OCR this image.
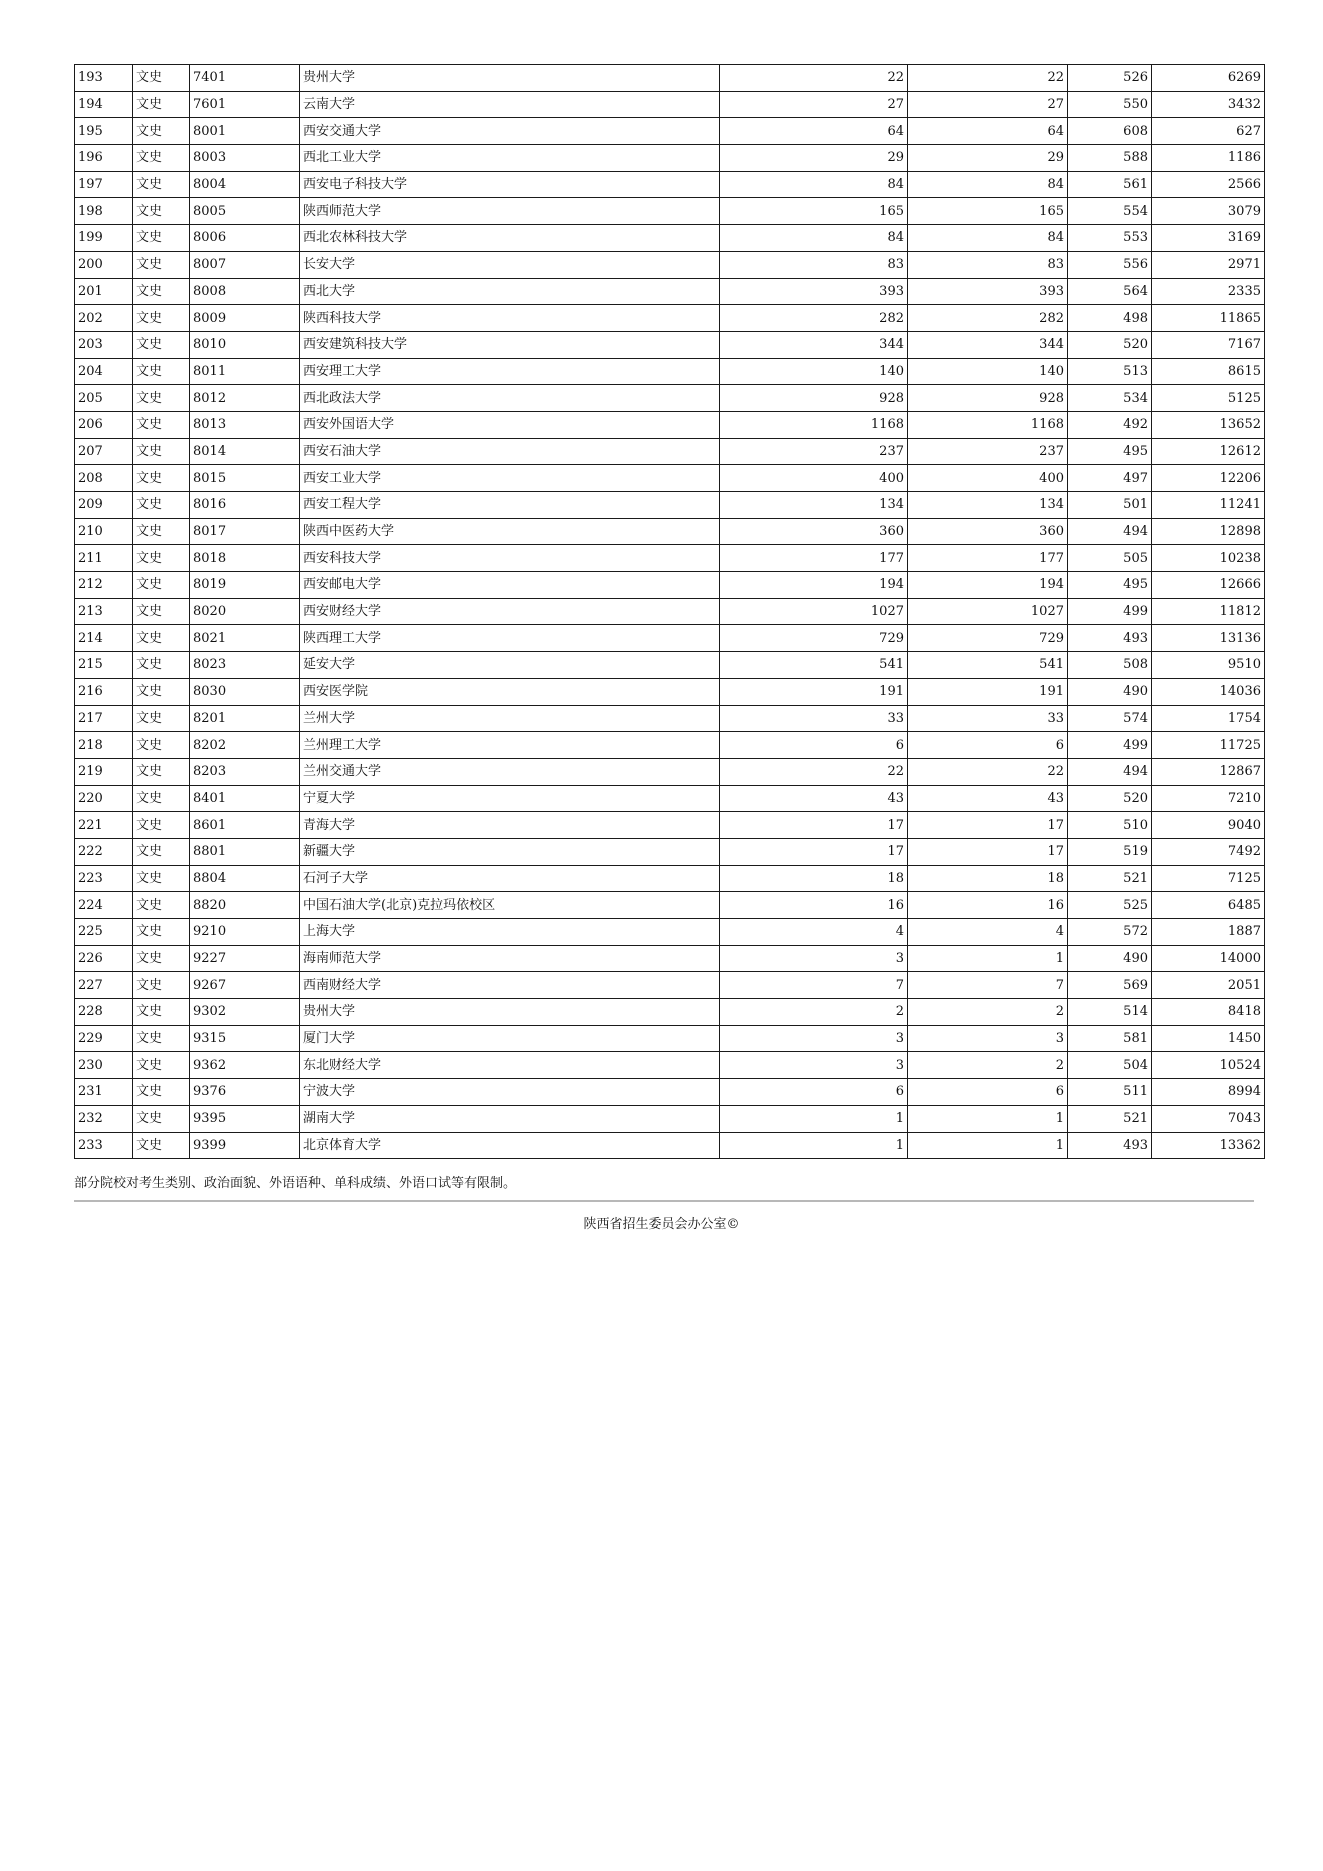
193	文史	7401	贵州大学	22	22	526	6269
194	文史	7601	云南大学	27	27	550	3432
195	文史	8001	西安交通大学	64	64	608	627
196	文史	8003	西北工业大学	29	29	588	1186
197	文史	8004	西安电子科技大学	84	84	561	2566
198	文史	8005	陕西师范大学	165	165	554	3079
199	文史	8006	西北农林科技大学	84	84	553	3169
200	文史	8007	长安大学	83	83	556	2971
201	文史	8008	西北大学	393	393	564	2335
202	文史	8009	陕西科技大学	282	282	498	11865
203	文史	8010	西安建筑科技大学	344	344	520	7167
204	文史	8011	西安理工大学	140	140	513	8615
205	文史	8012	西北政法大学	928	928	534	5125
206	文史	8013	西安外国语大学	1168	1168	492	13652
207	文史	8014	西安石油大学	237	237	495	12612
208	文史	8015	西安工业大学	400	400	497	12206
209	文史	8016	西安工程大学	134	134	501	11241
210	文史	8017	陕西中医药大学	360	360	494	12898
211	文史	8018	西安科技大学	177	177	505	10238
212	文史	8019	西安邮电大学	194	194	495	12666
213	文史	8020	西安财经大学	1027	1027	499	11812
214	文史	8021	陕西理工大学	729	729	493	13136
215	文史	8023	延安大学	541	541	508	9510
216	文史	8030	西安医学院	191	191	490	14036
217	文史	8201	兰州大学	33	33	574	1754
218	文史	8202	兰州理工大学	6	6	499	11725
219	文史	8203	兰州交通大学	22	22	494	12867
220	文史	8401	宁夏大学	43	43	520	7210
221	文史	8601	青海大学	17	17	510	9040
222	文史	8801	新疆大学	17	17	519	7492
223	文史	8804	石河子大学	18	18	521	7125
224	文史	8820	中国石油大学(北京)克拉玛依校区	16	16	525	6485
225	文史	9210	上海大学	4	4	572	1887
226	文史	9227	海南师范大学	3	1	490	14000
227	文史	9267	西南财经大学	7	7	569	2051
228	文史	9302	贵州大学	2	2	514	8418
229	文史	9315	厦门大学	3	3	581	1450
230	文史	9362	东北财经大学	3	2	504	10524
231	文史	9376	宁波大学	6	6	511	8994
232	文史	9395	湖南大学	1	1	521	7043
233	文史	9399	北京体育大学	1	1	493	13362
部分院校对考生类别、政治面貌、外语语种、单科成绩、外语口试等有限制。
陕西省招生委员会办公室©
